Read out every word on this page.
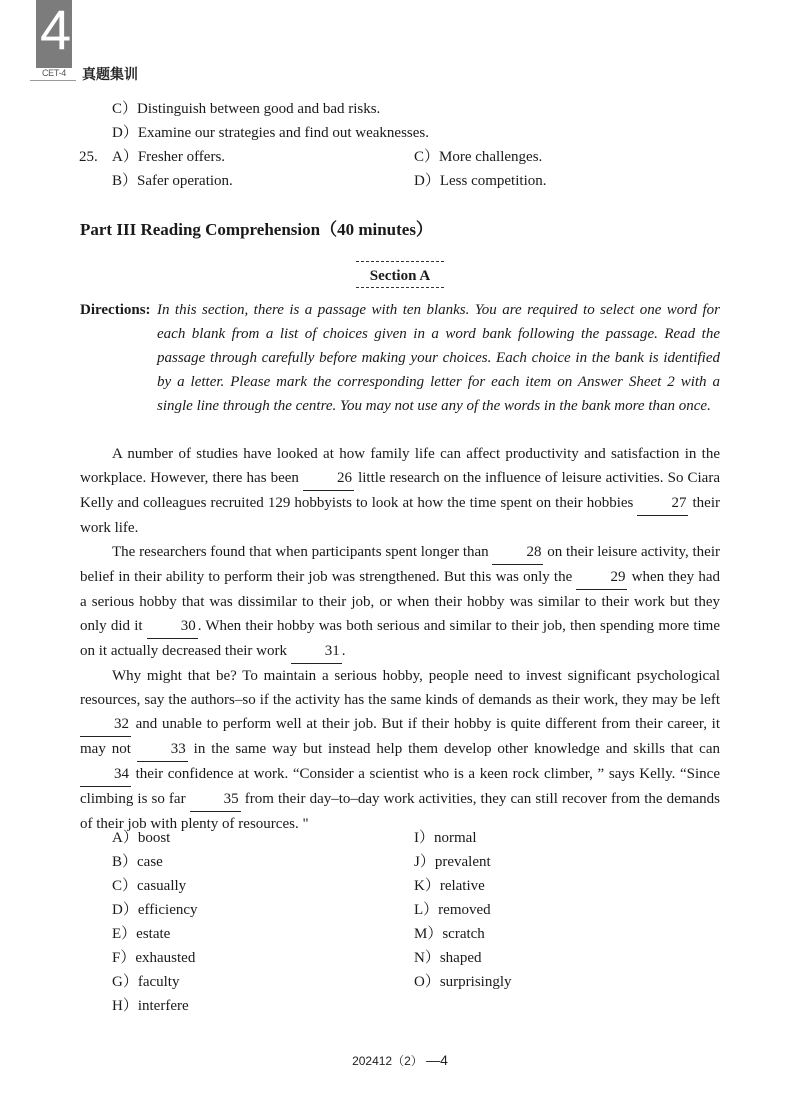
4
CET-4	真题集训
C）Distinguish between good and bad risks.
D）Examine our strategies and find out weaknesses.
25. A）Fresher offers.
B）Safer operation.
C）More challenges.
D）Less competition.
Part III Reading Comprehension（40 minutes）
Section A
Directions: In this section, there is a passage with ten blanks. You are required to select one word for each blank from a list of choices given in a word bank following the passage. Read the passage through carefully before making your choices. Each choice in the bank is identified by a letter. Please mark the corresponding letter for each item on Answer Sheet 2 with a single line through the centre. You may not use any of the words in the bank more than once.

A number of studies have looked at how family life can affect productivity and satisfaction in the workplace. However, there has been 26 little research on the influence of leisure activities. So Ciara Kelly and colleagues recruited 129 hobbyists to look at how the time spent on their hobbies 27 their work life.

The researchers found that when participants spent longer than 28 on their leisure activity, their belief in their ability to perform their job was strengthened. But this was only the 29 when they had a serious hobby that was dissimilar to their job, or when their hobby was similar to their work but they only did it 30 . When their hobby was both serious and similar to their job, then spending more time on it actually decreased their work 31 .

Why might that be? To maintain a serious hobby, people need to invest significant psychological resources, say the authors–so if the activity has the same kinds of demands as their work, they may be left 32 and unable to perform well at their job. But if their hobby is quite different from their career, it may not 33 in the same way but instead help them develop other knowledge and skills that can 34 their confidence at work. “Consider a scientist who is a keen rock climber, ” says Kelly. “Since climbing is so far 35 from their day–to–day work activities, they can still recover from the demands of their job with plenty of resources. "

A）boost
B）case
C）casually
D）efficiency
E）estate
F）exhausted
G）faculty
H）interfere
I）normal
J）prevalent
K）relative
L）removed
M）scratch
N）shaped
O）surprisingly
202412（2） —4
